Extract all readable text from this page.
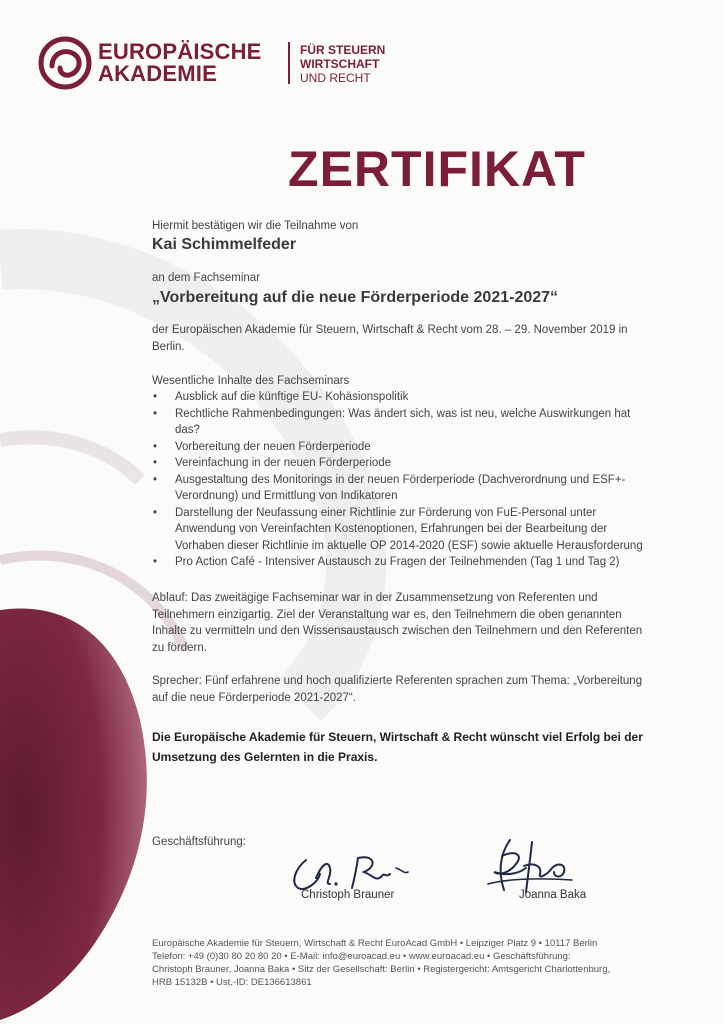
EUROPÄISCHE
AKADEMIE
FÜR STEUERN
WIRTSCHAFT
UND RECHT
ZERTIFIKAT
Hiermit bestätigen wir die Teilnahme von
Kai Schimmelfeder
an dem Fachseminar
„Vorbereitung auf die neue Förderperiode 2021-2027“
der Europäischen Akademie für Steuern, Wirtschaft & Recht vom 28. – 29. November 2019 in Berlin.
Wesentliche Inhalte des Fachseminars
• Ausblick auf die künftige EU- Kohäsionspolitik
• Rechtliche Rahmenbedingungen: Was ändert sich, was ist neu, welche Auswirkungen hat das?
• Vorbereitung der neuen Förderperiode
• Vereinfachung in der neuen Förderperiode
• Ausgestaltung des Monitorings in der neuen Förderperiode (Dachverordnung und ESF+-Verordnung) und Ermittlung von Indikatoren
• Darstellung der Neufassung einer Richtlinie zur Förderung von FuE-Personal unter Anwendung von Vereinfachten Kostenoptionen, Erfahrungen bei der Bearbeitung der Vorhaben dieser Richtlinie im aktuelle OP 2014-2020 (ESF) sowie aktuelle Herausforderung
• Pro Action Café - Intensiver Austausch zu Fragen der Teilnehmenden (Tag 1 und Tag 2)
Ablauf: Das zweitägige Fachseminar war in der Zusammensetzung von Referenten und Teilnehmern einzigartig. Ziel der Veranstaltung war es, den Teilnehmern die oben genannten Inhalte zu vermitteln und den Wissensaustausch zwischen den Teilnehmern und den Referenten zu fördern.
Sprecher: Fünf erfahrene und hoch qualifizierte Referenten sprachen zum Thema: „Vorbereitung auf die neue Förderperiode 2021-2027“.
Die Europäische Akademie für Steuern, Wirtschaft & Recht wünscht viel Erfolg bei der Umsetzung des Gelernten in die Praxis.
Geschäftsführung:
Christoph Brauner	Joanna Baka
Europäische Akademie für Steuern, Wirtschaft & Recht EuroAcad GmbH • Leipziger Platz 9 • 10117 Berlin
Telefon: +49 (0)30 80 20 80 20 • E-Mail: info@euroacad.eu • www.euroacad.eu • Geschäftsführung:
Christoph Brauner, Joanna Baka • Sitz der Gesellschaft: Berlin • Registergericht: Amtsgericht Charlottenburg,
HRB 15132B • Ust.-ID: DE136613861
